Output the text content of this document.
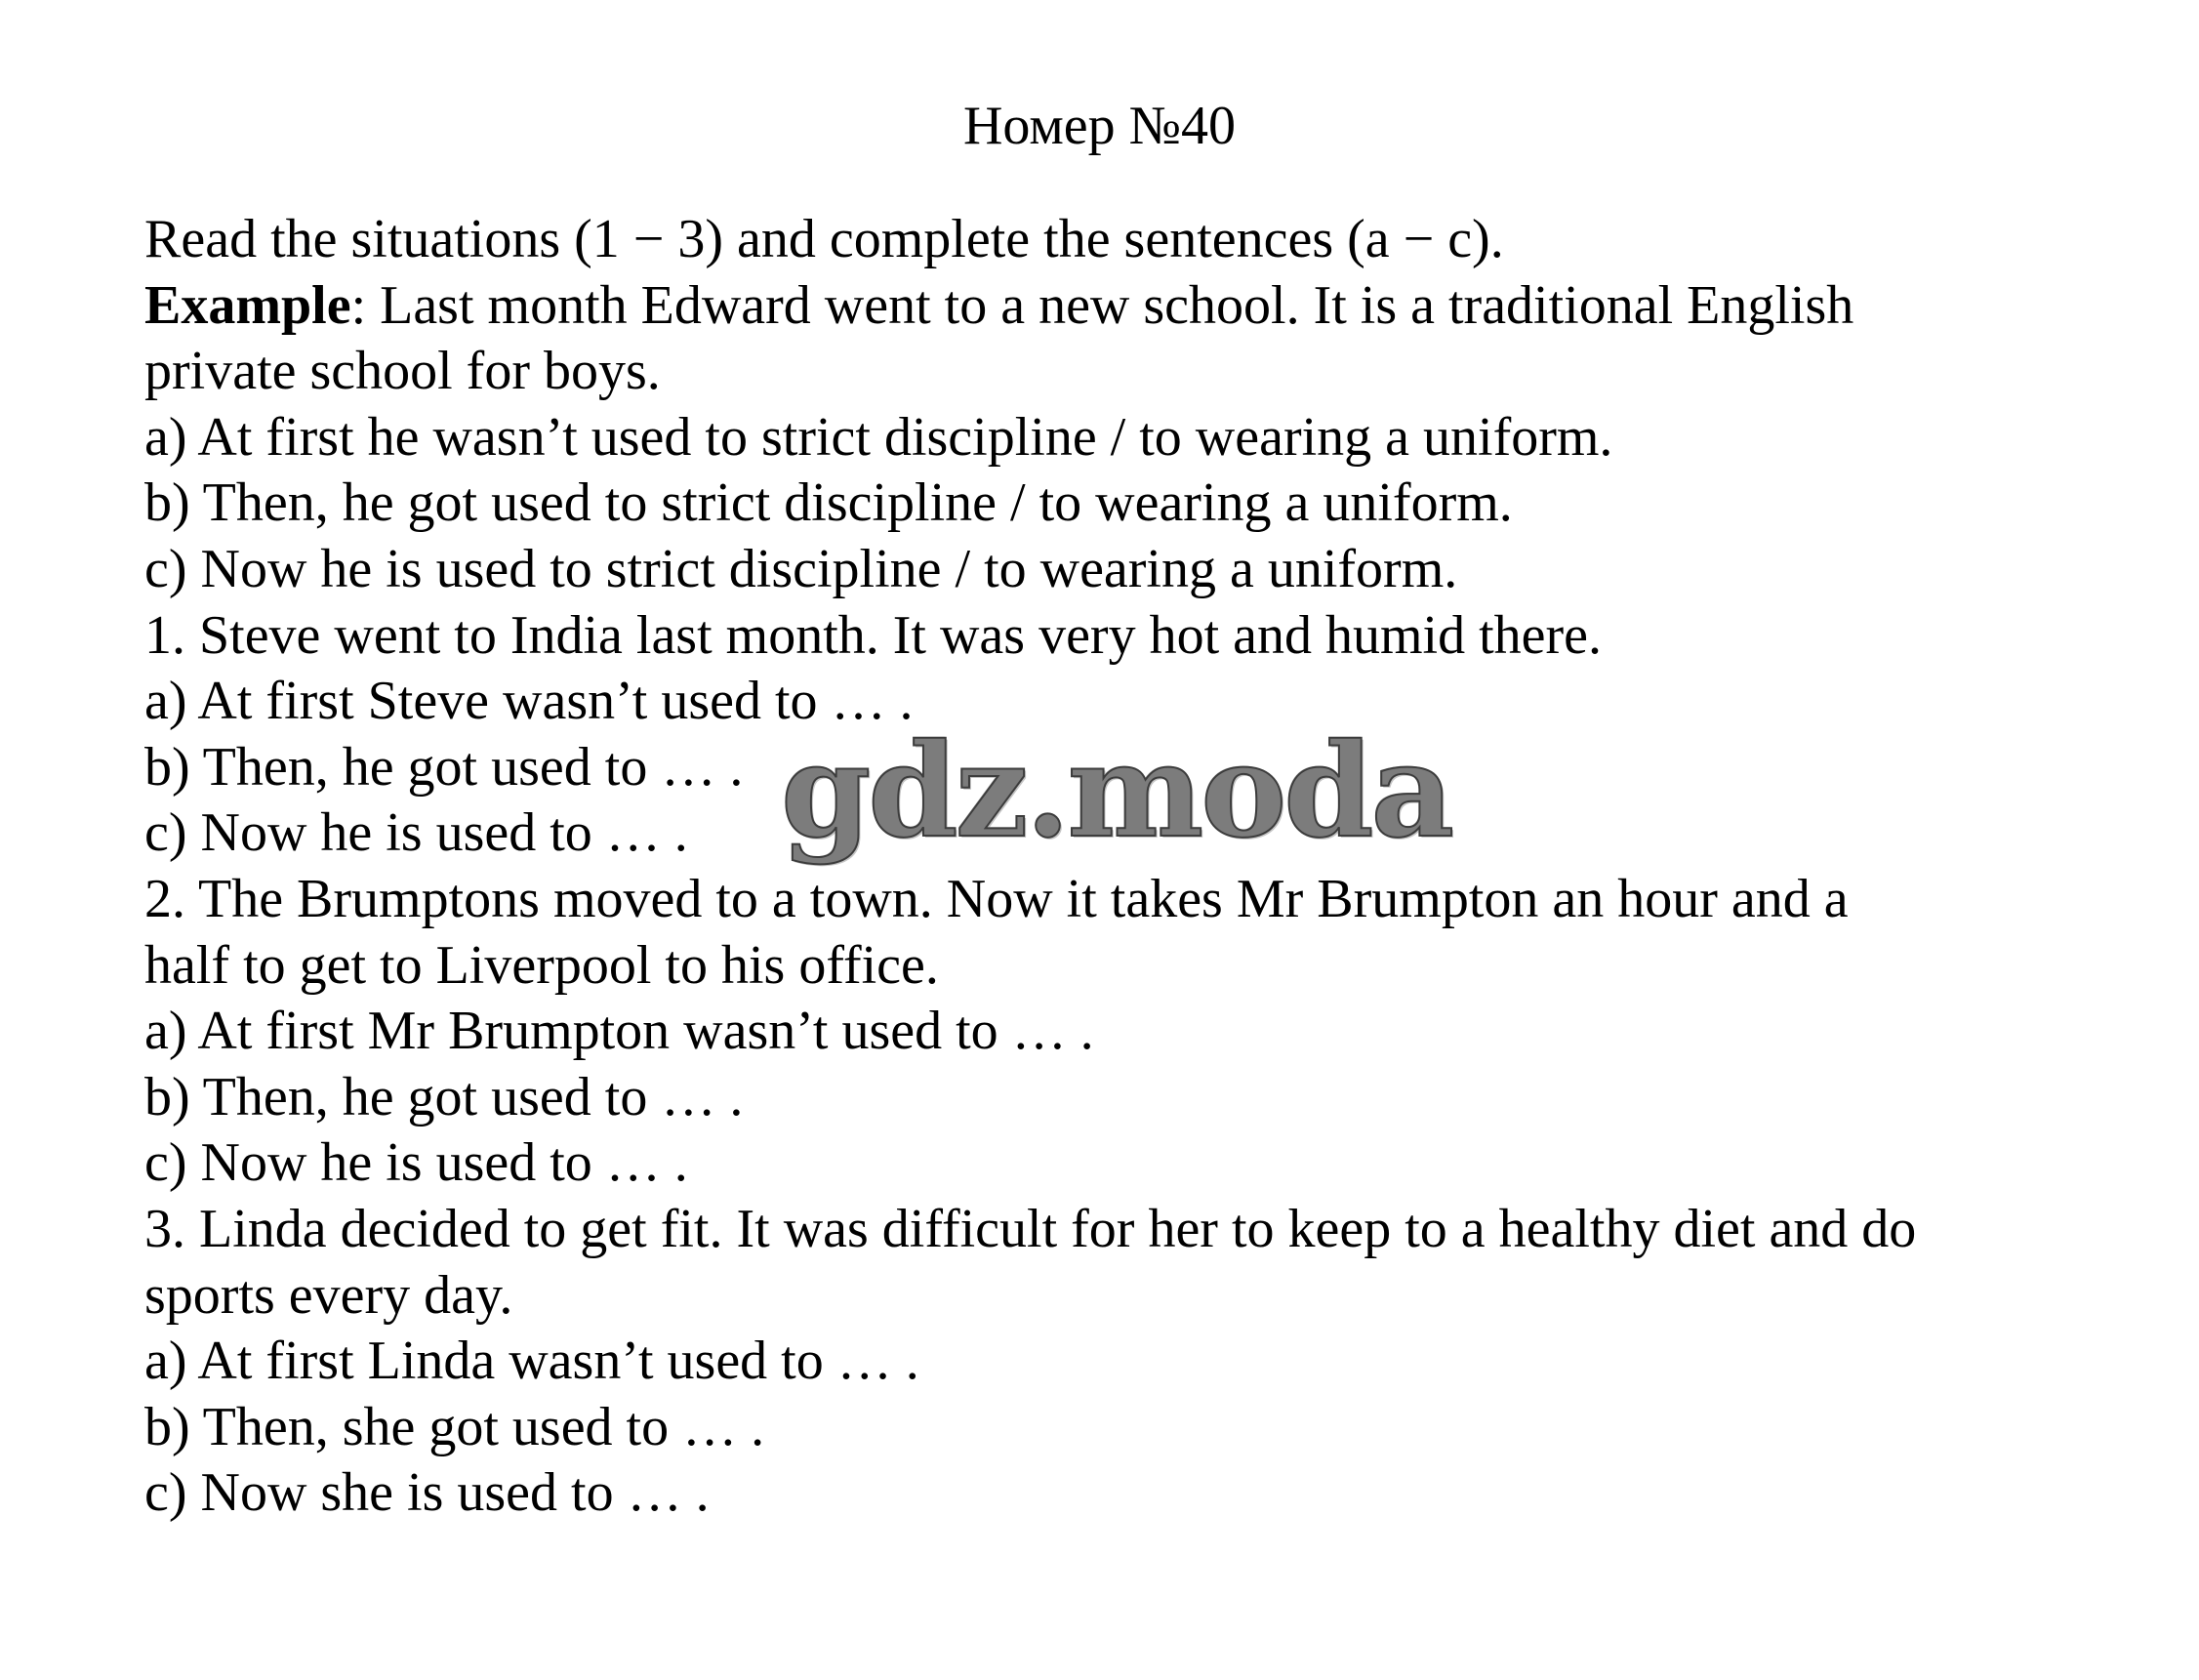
Номер №40
Read the situations (1 − 3) and complete the sentences (a − c).
Example: Last month Edward went to a new school. It is a traditional English
private school for boys.
a) At first he wasn’t used to strict discipline / to wearing a uniform.
b) Then, he got used to strict discipline / to wearing a uniform.
c) Now he is used to strict discipline / to wearing a uniform.
1. Steve went to India last month. It was very hot and humid there.
a) At first Steve wasn’t used to … .
b) Then, he got used to … .
c) Now he is used to … .
2. The Brumptons moved to a town. Now it takes Mr Brumpton an hour and a
half to get to Liverpool to his office.
a) At first Mr Brumpton wasn’t used to … .
b) Then, he got used to … .
c) Now he is used to … .
3. Linda decided to get fit. It was difficult for her to keep to a healthy diet and do
sports every day.
a) At first Linda wasn’t used to … .
b) Then, she got used to … .
c) Now she is used to … .
gdz.moda
